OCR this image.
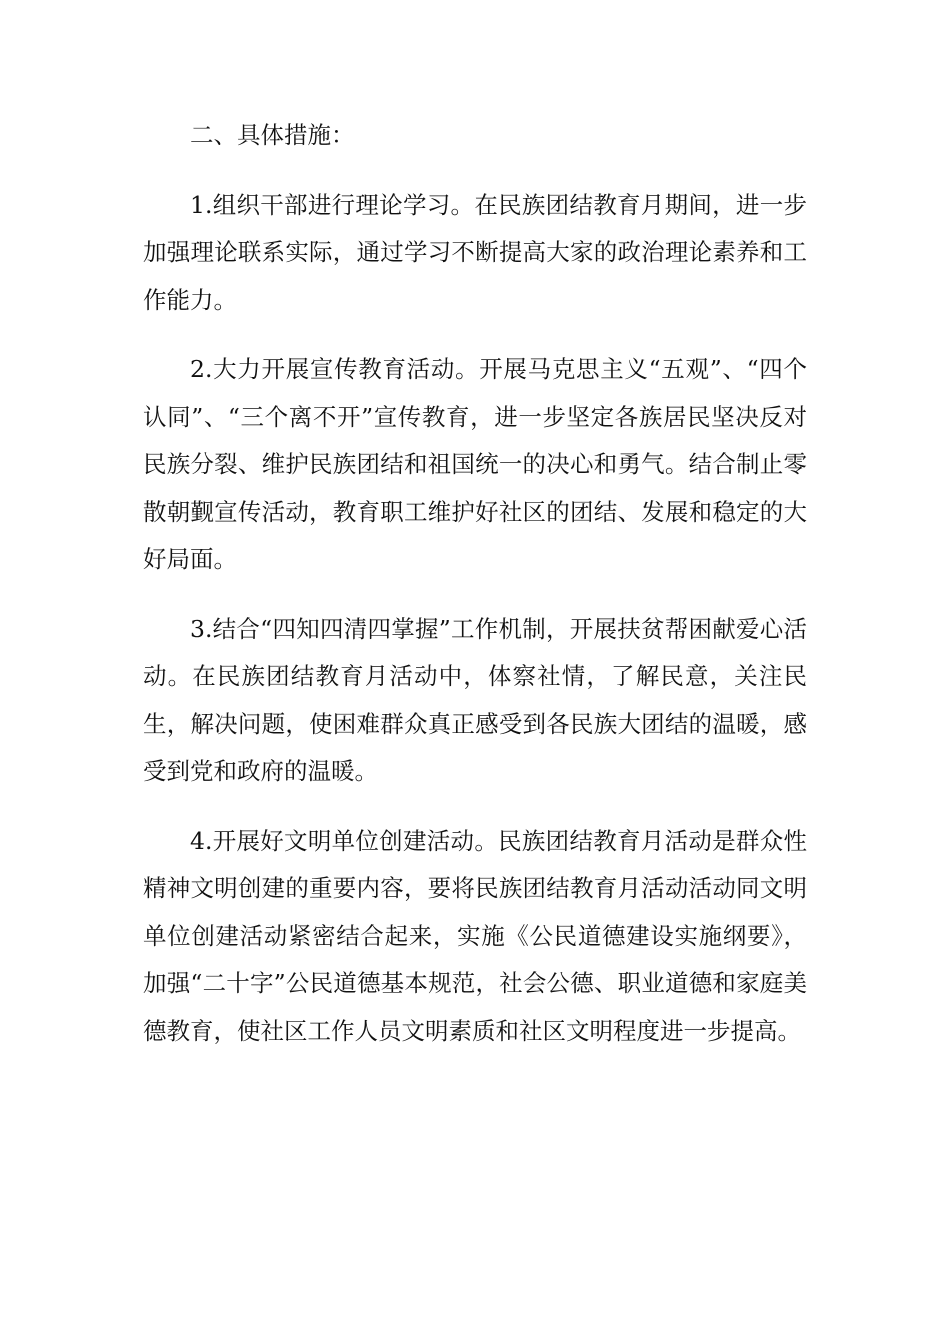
二、具体措施：

1.组织干部进行理论学习。在民族团结教育月期间，进一步加强理论联系实际，通过学习不断提高大家的政治理论素养和工作能力。

2.大力开展宣传教育活动。开展马克思主义“五观”、“四个认同”、“三个离不开”宣传教育，进一步坚定各族居民坚决反对民族分裂、维护民族团结和祖国统一的决心和勇气。结合制止零散朝觐宣传活动，教育职工维护好社区的团结、发展和稳定的大好局面。

3.结合“四知四清四掌握”工作机制，开展扶贫帮困献爱心活动。在民族团结教育月活动中，体察社情，了解民意，关注民生，解决问题，使困难群众真正感受到各民族大团结的温暖，感受到党和政府的温暖。

4.开展好文明单位创建活动。民族团结教育月活动是群众性精神文明创建的重要内容，要将民族团结教育月活动活动同文明单位创建活动紧密结合起来，实施《公民道德建设实施纲要》，加强“二十字”公民道德基本规范，社会公德、职业道德和家庭美德教育，使社区工作人员文明素质和社区文明程度进一步提高。
